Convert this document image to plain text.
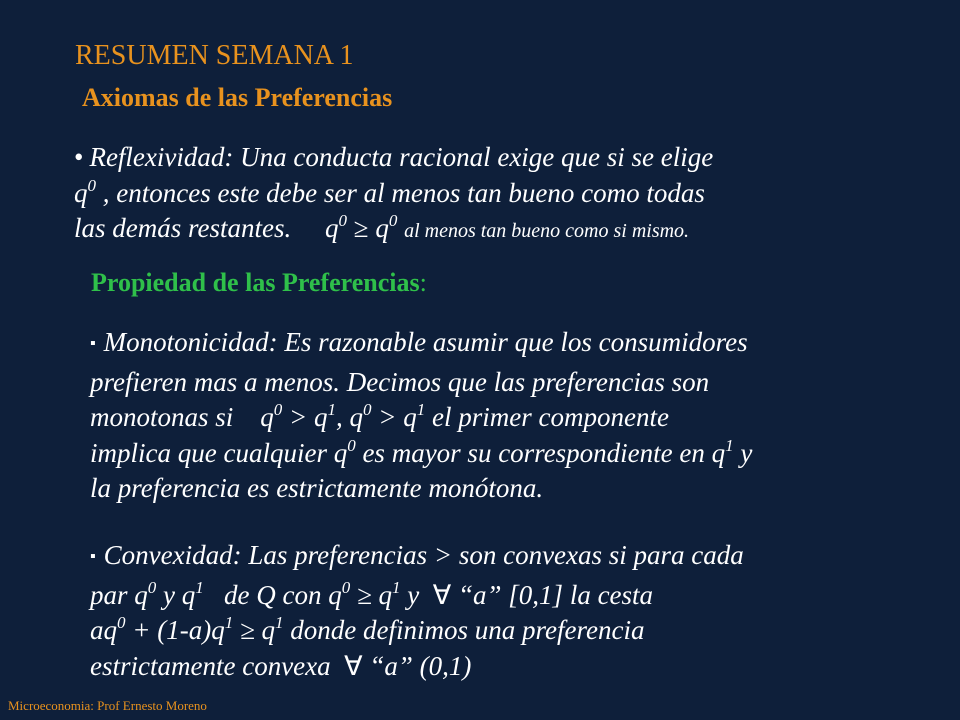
RESUMEN SEMANA 1
Axiomas de las Preferencias
• Reflexividad: Una conducta racional exige que si se elige
$q^0$ , entonces este debe ser al menos tan bueno como todas
las demás restantes. $q^0 \ge q^0$ al menos tan bueno como si mismo.
Propiedad de las Preferencias:
▪ Monotonicidad: Es razonable asumir que los consumidores
prefieren mas a menos. Decimos que las preferencias son
monotonas si $q^0 > q^1$, $q^0 > q^1$ el primer componente
implica que cualquier $q^0$ es mayor su correspondiente en $q^1$ y
la preferencia es estrictamente monótona.
▪ Convexidad: Las preferencias > son convexas si para cada
par $q^0$ y $q^1$ de Q con $q^0 \ge q^1$ y ∀ “a” [0,1] la cesta
$aq^0 + (1-a)q^1 \ge q^1$ donde definimos una preferencia
estrictamente convexa ∀ “a” (0,1)
Microeconomia: Prof Ernesto Moreno
